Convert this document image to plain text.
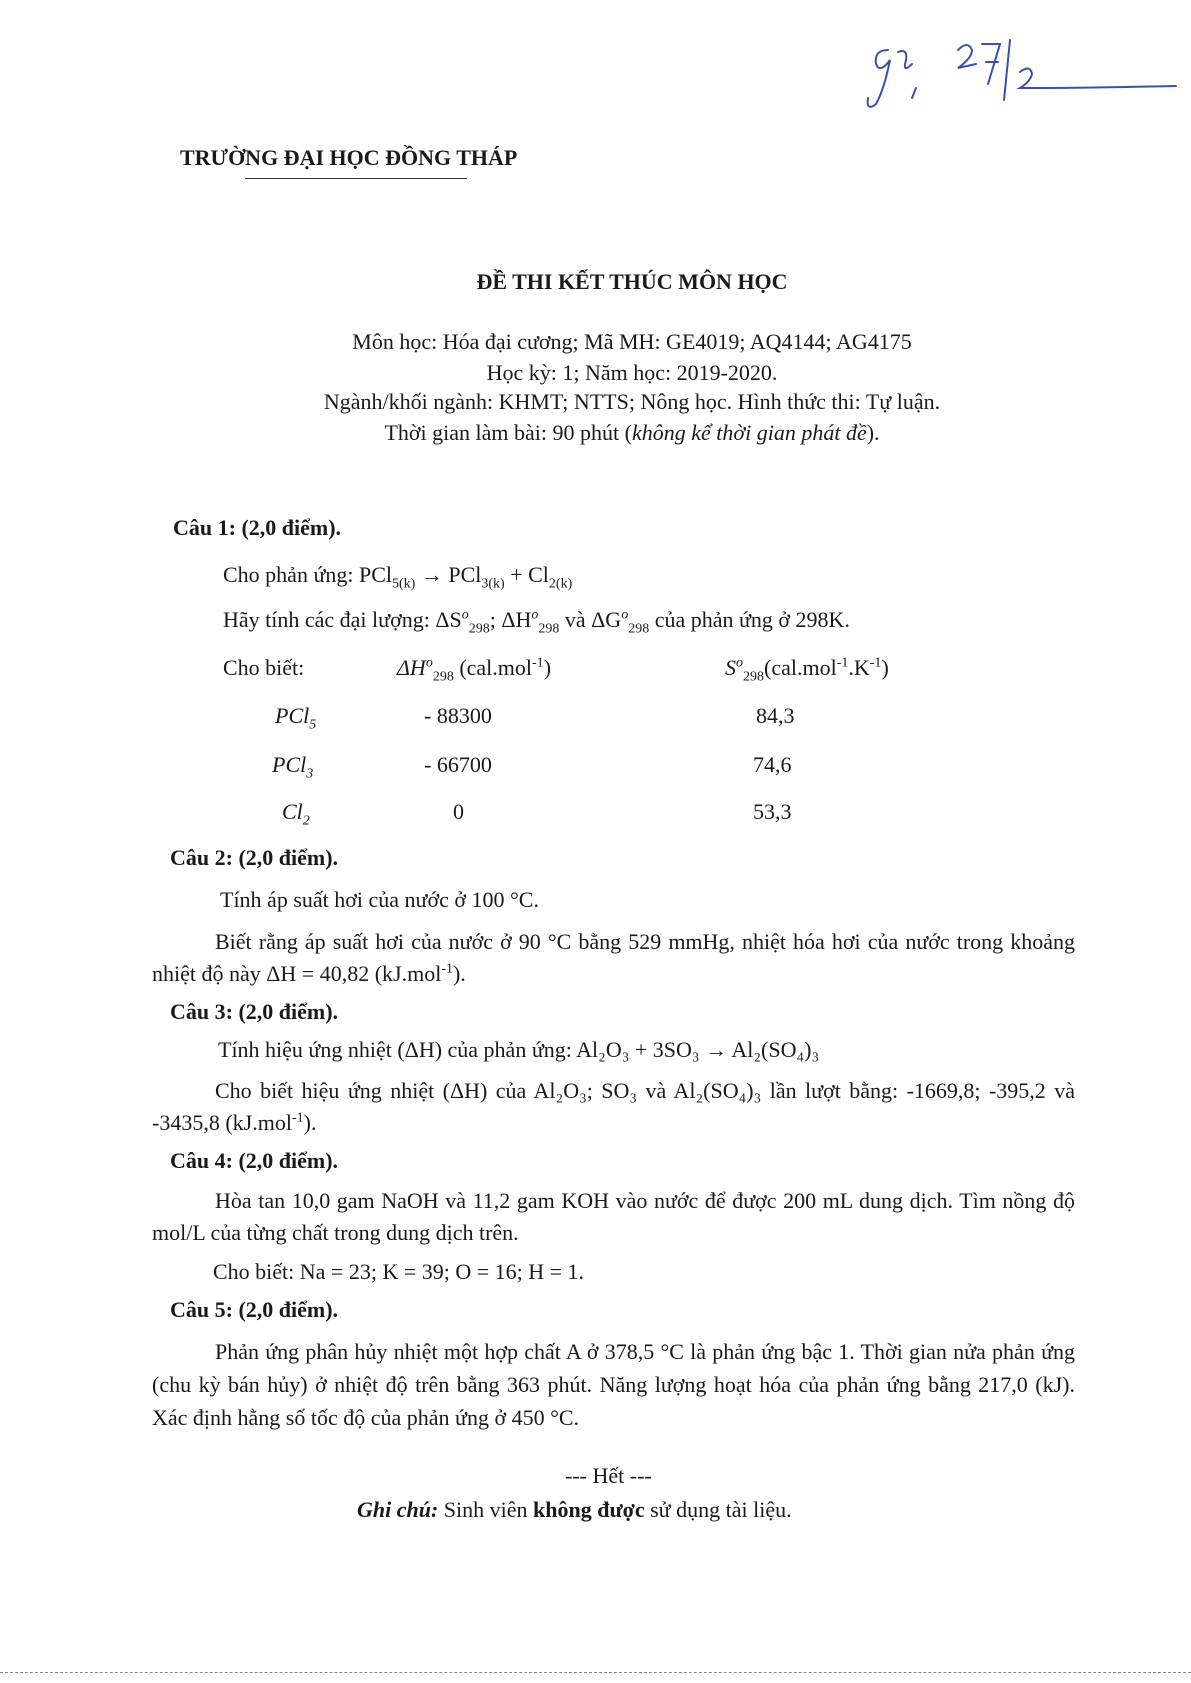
TRƯỜNG ĐẠI HỌC ĐỒNG THÁP
ĐỀ THI KẾT THÚC MÔN HỌC
Môn học: Hóa đại cương; Mã MH: GE4019; AQ4144; AG4175
Học kỳ: 1; Năm học: 2019-2020.
Ngành/khối ngành: KHMT; NTTS; Nông học. Hình thức thi: Tự luận.
Thời gian làm bài: 90 phút (không kể thời gian phát đề).
Câu 1: (2,0 điểm).
Cho phản ứng: $PCl_{5(k)} \to PCl_{3(k)} + Cl_{2(k)}$
Hãy tính các đại lượng: $\Delta S^o_{298}$; $\Delta H^o_{298}$ và $\Delta G^o_{298}$ của phản ứng ở 298K.
Cho biết:	$\Delta H^o_{298}$ (cal.mol$^{-1}$)	$S^o_{298}(cal.mol^{-1}.K^{-1})$
PCl$_5$	- 88300	84,3
PCl$_3$	- 66700	74,6
$Cl_2$	0	53,3
Câu 2: (2,0 điểm).
Tính áp suất hơi của nước ở 100 °C.
Biết rằng áp suất hơi của nước ở 90 °C bằng 529 mmHg, nhiệt hóa hơi của nước trong khoảng nhiệt độ này ΔH = 40,82 (kJ.mol$^{-1}$).
Câu 3: (2,0 điểm).
Tính hiệu ứng nhiệt (ΔH) của phản ứng: Al₂O₃ + 3SO₃ → Al₂(SO₄)₃
Cho biết hiệu ứng nhiệt (ΔH) của Al₂O₃; SO₃ và Al₂(SO₄)₃ lần lượt bằng: -1669,8; -395,2 và -3435,8 (kJ.mol$^{-1}$).
Câu 4: (2,0 điểm).
Hòa tan 10,0 gam NaOH và 11,2 gam KOH vào nước để được 200 mL dung dịch. Tìm nồng độ mol/L của từng chất trong dung dịch trên.
Cho biết: Na = 23; K = 39; O = 16; H = 1.
Câu 5: (2,0 điểm).
Phản ứng phân hủy nhiệt một hợp chất A ở 378,5 °C là phản ứng bậc 1. Thời gian nửa phản ứng (chu kỳ bán hủy) ở nhiệt độ trên bằng 363 phút. Năng lượng hoạt hóa của phản ứng bằng 217,0 (kJ). Xác định hằng số tốc độ của phản ứng ở 450 °C.
--- Hết ---
Ghi chú: Sinh viên không được sử dụng tài liệu.
